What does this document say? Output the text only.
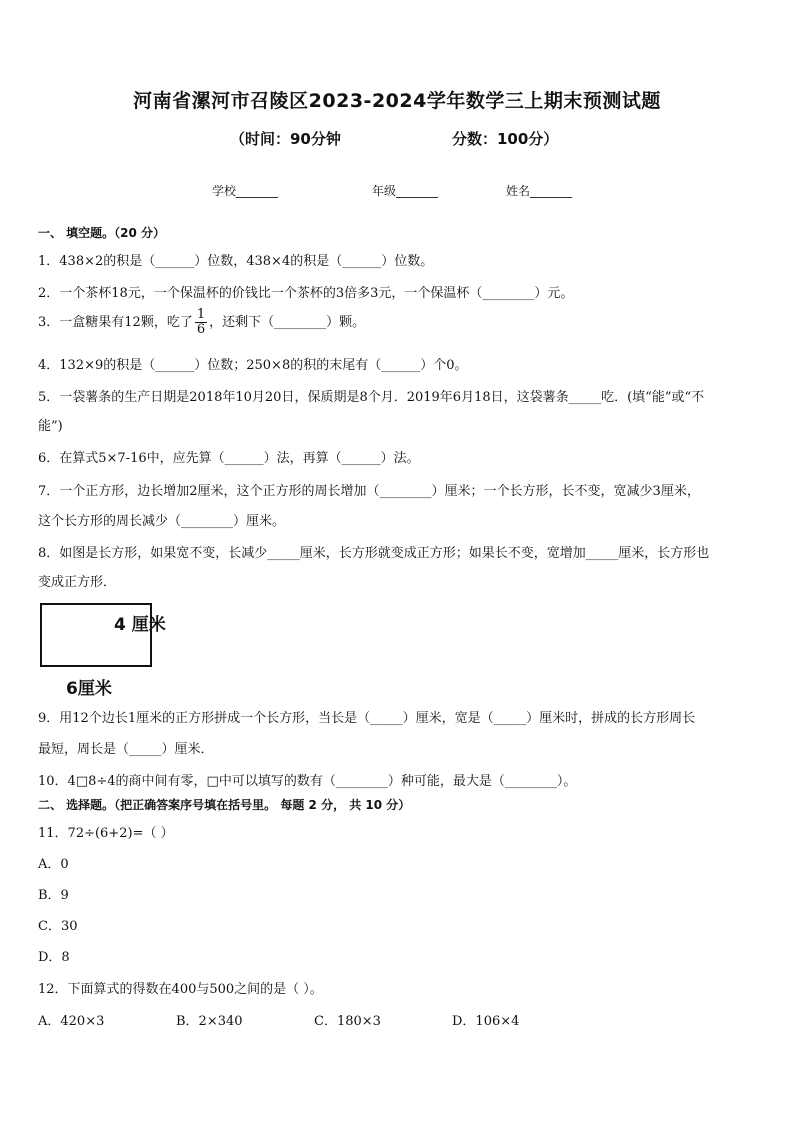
河南省漯河市召陵区2023-2024学年数学三上期末预测试题
（时间：90分钟	分数：100分）
学校_______	年级_______	姓名_______
一、 填空题。（20 分）
1．438×2的积是（______）位数，438×4的积是（______）位数。
2．一个茶杯18元，一个保温杯的价钱比一个茶杯的3倍多3元，一个保温杯（________）元。
3．一盒糖果有12颗，吃了 $\frac{1}{6}$ ，还剩下（________）颗。
4．132×9的积是（______）位数；250×8的积的末尾有（______）个0。
5．一袋薯条的生产日期是2018年10月20日，保质期是8个月．2019年6月18日，这袋薯条_____吃．(填“能”或“不
能”)
6．在算式5×7-16中，应先算（______）法，再算（______）法。
7．一个正方形，边长增加2厘米，这个正方形的周长增加（________）厘米；一个长方形，长不变，宽减少3厘米，
这个长方形的周长减少（________）厘米。
8．如图是长方形，如果宽不变，长减少_____厘米，长方形就变成正方形；如果长不变，宽增加_____厘米，长方形也
变成正方形．
4 厘米
6厘米
9．用12个边长1厘米的正方形拼成一个长方形，当长是（_____）厘米，宽是（_____）厘米时，拼成的长方形周长
最短，周长是（_____）厘米．
10．4□8÷4的商中间有零，□中可以填写的数有（________）种可能，最大是（________）。
二、 选择题。（把正确答案序号填在括号里。 每题 2 分， 共 10 分）
11．72÷(6+2)=（ ）
A．0
B．9
C．30
D．8
12．下面算式的得数在400与500之间的是（ ）。
A．420×3	B．2×340	C．180×3	D．106×4
